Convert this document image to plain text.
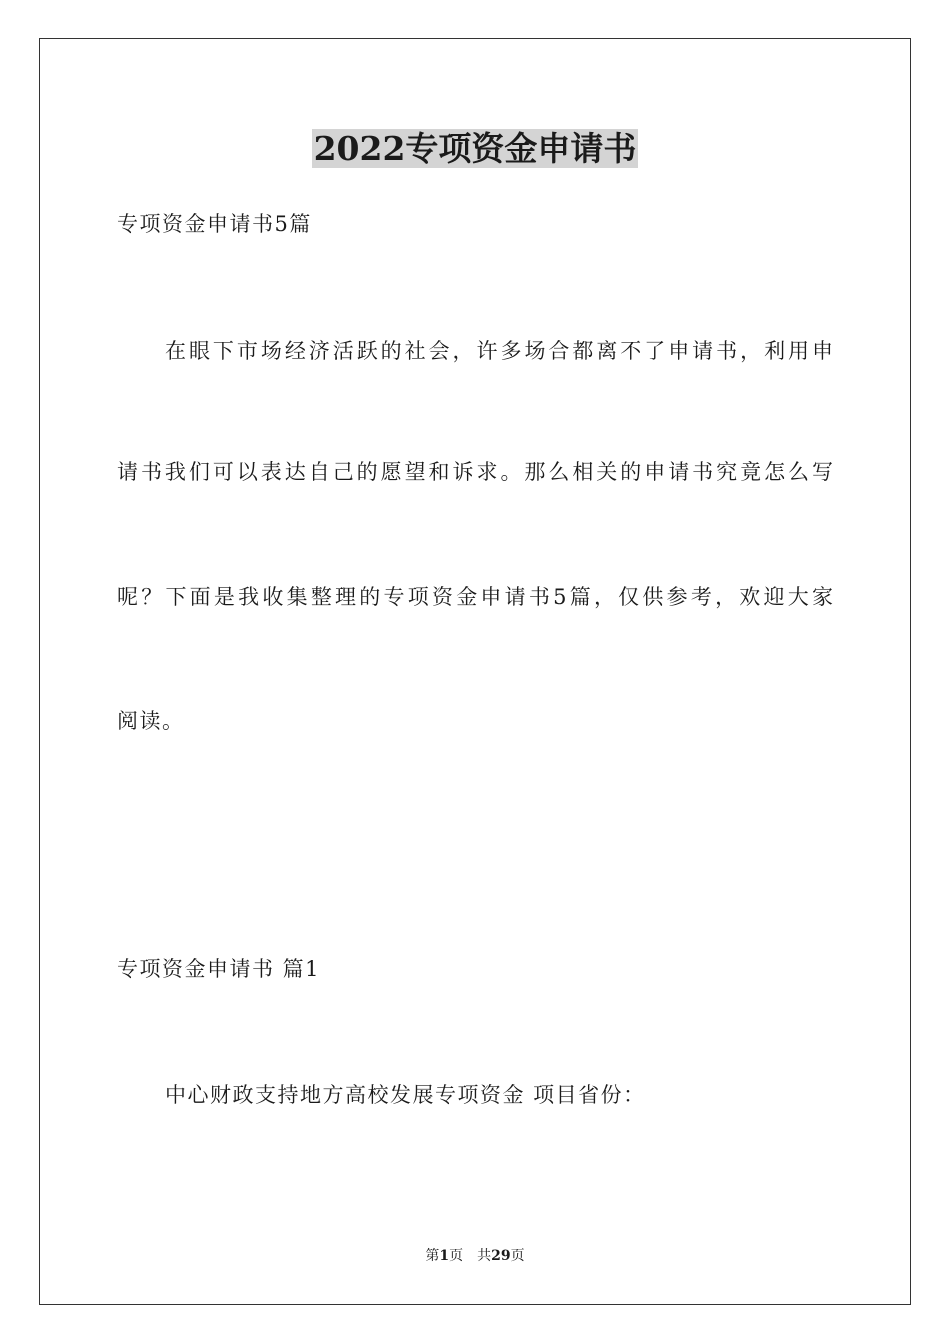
2022专项资金申请书
专项资金申请书5篇
在眼下市场经济活跃的社会，许多场合都离不了申请书，利用申
请书我们可以表达自己的愿望和诉求。那么相关的申请书究竟怎么写
呢？下面是我收集整理的专项资金申请书5篇，仅供参考，欢迎大家
阅读。
专项资金申请书 篇1
中心财政支持地方高校发展专项资金 项目省份：
第1页 共29页
